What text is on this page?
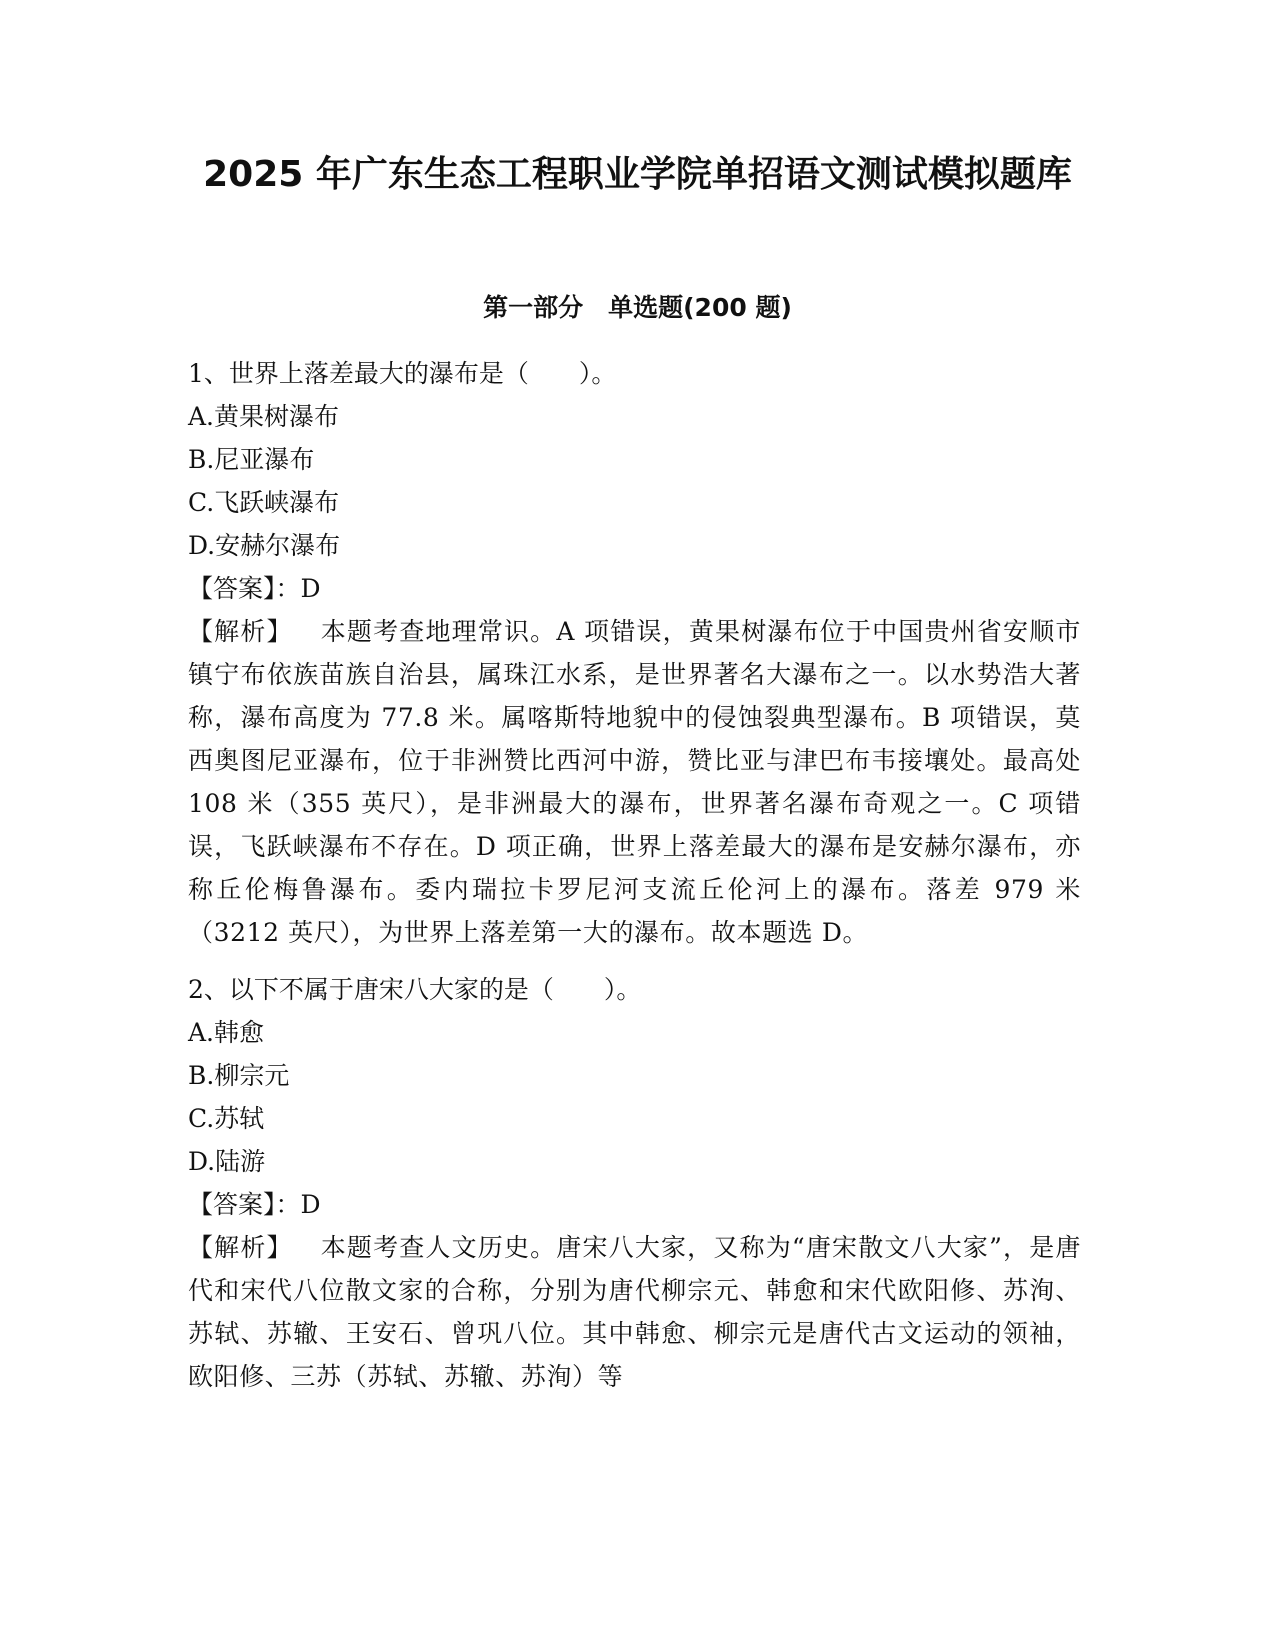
2025 年广东生态工程职业学院单招语文测试模拟题库
第一部分　单选题(200 题)

1、世界上落差最大的瀑布是（　　）。

A.黄果树瀑布

B.尼亚瀑布

C.飞跃峡瀑布

D.安赫尔瀑布

【答案】：D

【解析】 本题考查地理常识。A 项错误，黄果树瀑布位于中国贵州省安顺市镇宁布依族苗族自治县，属珠江水系，是世界著名大瀑布之一。以水势浩大著称，瀑布高度为 77.8 米。属喀斯特地貌中的侵蚀裂典型瀑布。B 项错误，莫西奥图尼亚瀑布，位于非洲赞比西河中游，赞比亚与津巴布韦接壤处。最高处 108 米（355 英尺），是非洲最大的瀑布，世界著名瀑布奇观之一。C 项错误，飞跃峡瀑布不存在。D 项正确，世界上落差最大的瀑布是安赫尔瀑布，亦称丘伦梅鲁瀑布。委内瑞拉卡罗尼河支流丘伦河上的瀑布。落差 979 米（3212 英尺），为世界上落差第一大的瀑布。故本题选 D。

2、以下不属于唐宋八大家的是（　　）。

A.韩愈

B.柳宗元

C.苏轼

D.陆游

【答案】：D

【解析】 本题考查人文历史。唐宋八大家，又称为“唐宋散文八大家”，是唐代和宋代八位散文家的合称，分别为唐代柳宗元、韩愈和宋代欧阳修、苏洵、苏轼、苏辙、王安石、曾巩八位。其中韩愈、柳宗元是唐代古文运动的领袖，欧阳修、三苏（苏轼、苏辙、苏洵）等
